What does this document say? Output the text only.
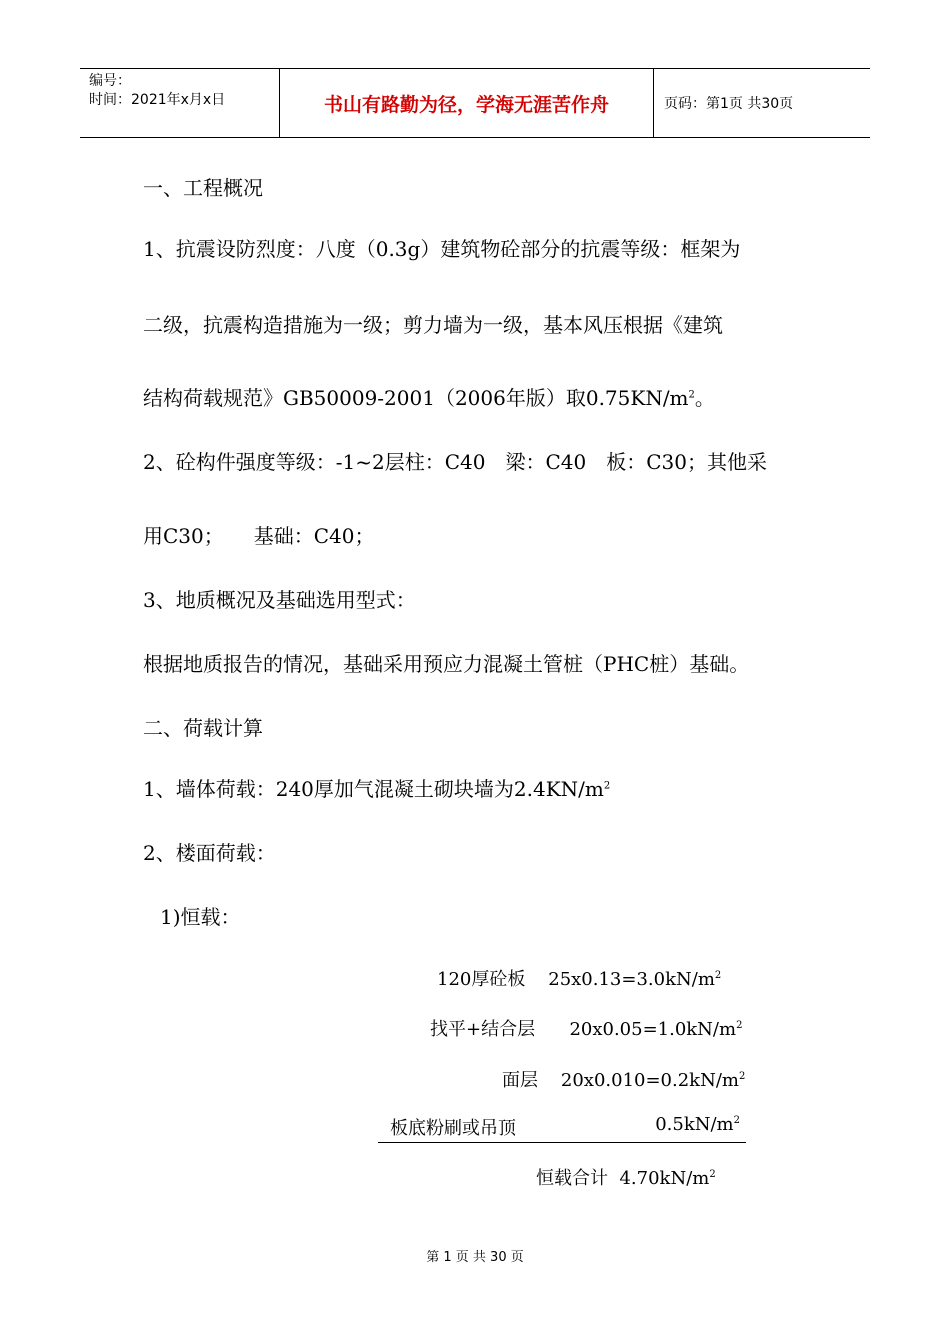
编号：
时间：2021年x月x日	书山有路勤为径，学海无涯苦作舟	页码：第1页 共30页
一、工程概况
1、抗震设防烈度：八度（0.3g）建筑物砼部分的抗震等级：框架为
二级，抗震构造措施为一级；剪力墙为一级，基本风压根据《建筑
结构荷载规范》GB50009-2001（2006年版）取$0.75KN/m^2$。
2、砼构件强度等级：-1~2层柱：C40　梁：C40　板：C30；其他采
用C30；　　基础：C40；
3、地质概况及基础选用型式：
根据地质报告的情况，基础采用预应力混凝土管桩（PHC桩）基础。
二、荷载计算
1、墙体荷载：240厚加气混凝土砌块墙为$2.4KN/m^2$
2、楼面荷载：
1)恒载：
120厚砼板 $25x0.13=3.0kN/m^2$
找平+结合层 $20x0.05=1.0kN/m^2$
面层 $20x0.010=0.2kN/m^2$
板底粉刷或吊顶	$0.5kN/m^2$
恒载合计 $4.70kN/m^2$
第 1 页 共 30 页
